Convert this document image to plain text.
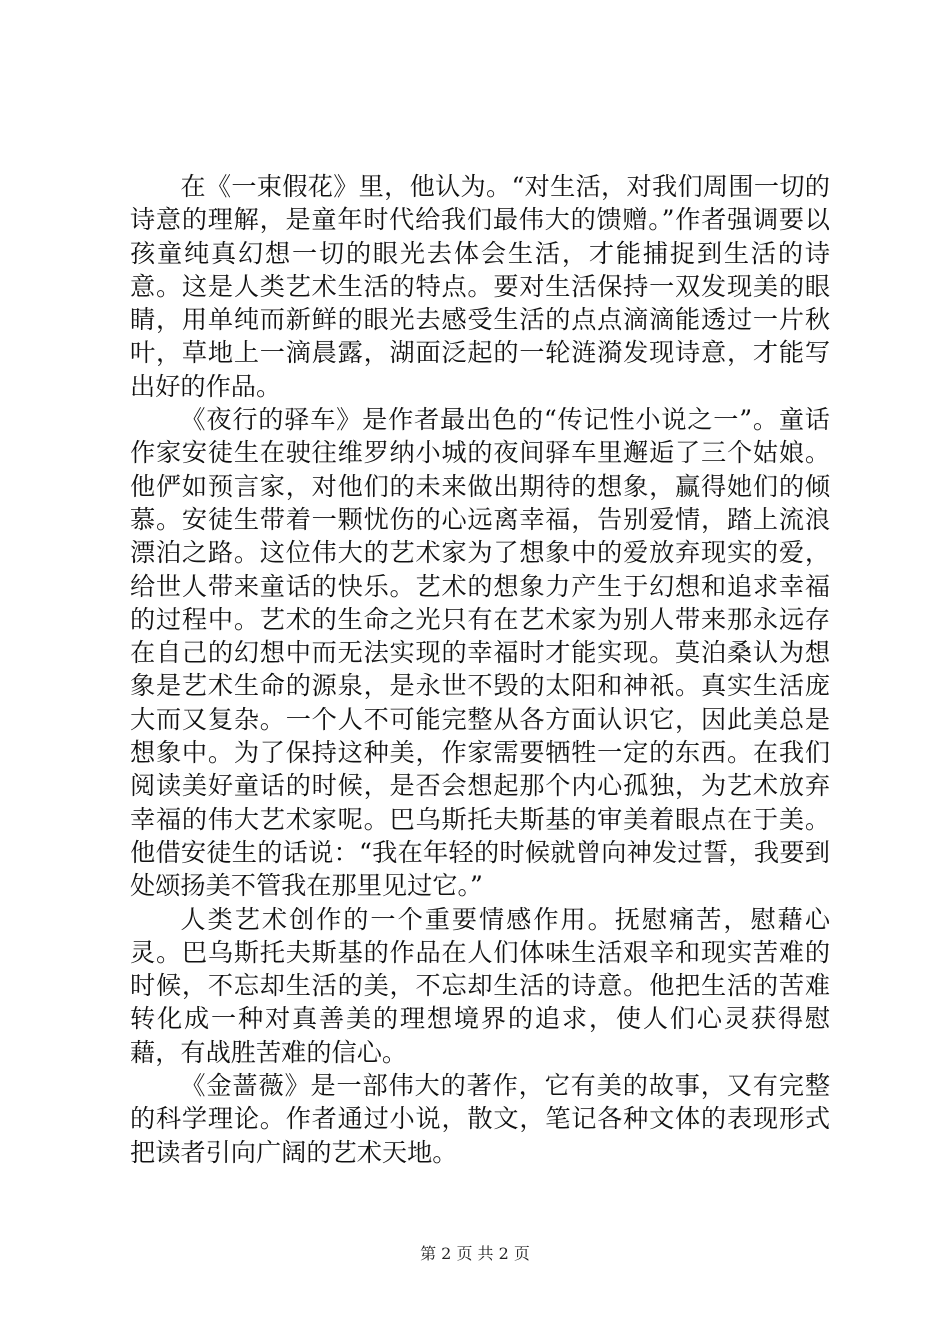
在《一束假花》里，他认为。“对生活，对我们周围一切的诗意的理解，是童年时代给我们最伟大的馈赠。”作者强调要以孩童纯真幻想一切的眼光去体会生活，才能捕捉到生活的诗意。这是人类艺术生活的特点。要对生活保持一双发现美的眼睛，用单纯而新鲜的眼光去感受生活的点点滴滴能透过一片秋叶，草地上一滴晨露，湖面泛起的一轮涟漪发现诗意，才能写出好的作品。

《夜行的驿车》是作者最出色的“传记性小说之一”。童话作家安徒生在驶往维罗纳小城的夜间驿车里邂逅了三个姑娘。他俨如预言家，对他们的未来做出期待的想象，赢得她们的倾慕。安徒生带着一颗忧伤的心远离幸福，告别爱情，踏上流浪漂泊之路。这位伟大的艺术家为了想象中的爱放弃现实的爱，给世人带来童话的快乐。艺术的想象力产生于幻想和追求幸福的过程中。艺术的生命之光只有在艺术家为别人带来那永远存在自己的幻想中而无法实现的幸福时才能实现。莫泊桑认为想象是艺术生命的源泉，是永世不毁的太阳和神祇。真实生活庞大而又复杂。一个人不可能完整从各方面认识它，因此美总是想象中。为了保持这种美，作家需要牺牲一定的东西。在我们阅读美好童话的时候，是否会想起那个内心孤独，为艺术放弃幸福的伟大艺术家呢。巴乌斯托夫斯基的审美着眼点在于美。他借安徒生的话说：“我在年轻的时候就曾向神发过誓，我要到处颂扬美不管我在那里见过它。”

人类艺术创作的一个重要情感作用。抚慰痛苦，慰藉心灵。巴乌斯托夫斯基的作品在人们体味生活艰辛和现实苦难的时候，不忘却生活的美，不忘却生活的诗意。他把生活的苦难转化成一种对真善美的理想境界的追求，使人们心灵获得慰藉，有战胜苦难的信心。

《金蔷薇》是一部伟大的著作，它有美的故事，又有完整的科学理论。作者通过小说，散文，笔记各种文体的表现形式把读者引向广阔的艺术天地。

第 2 页 共 2 页
